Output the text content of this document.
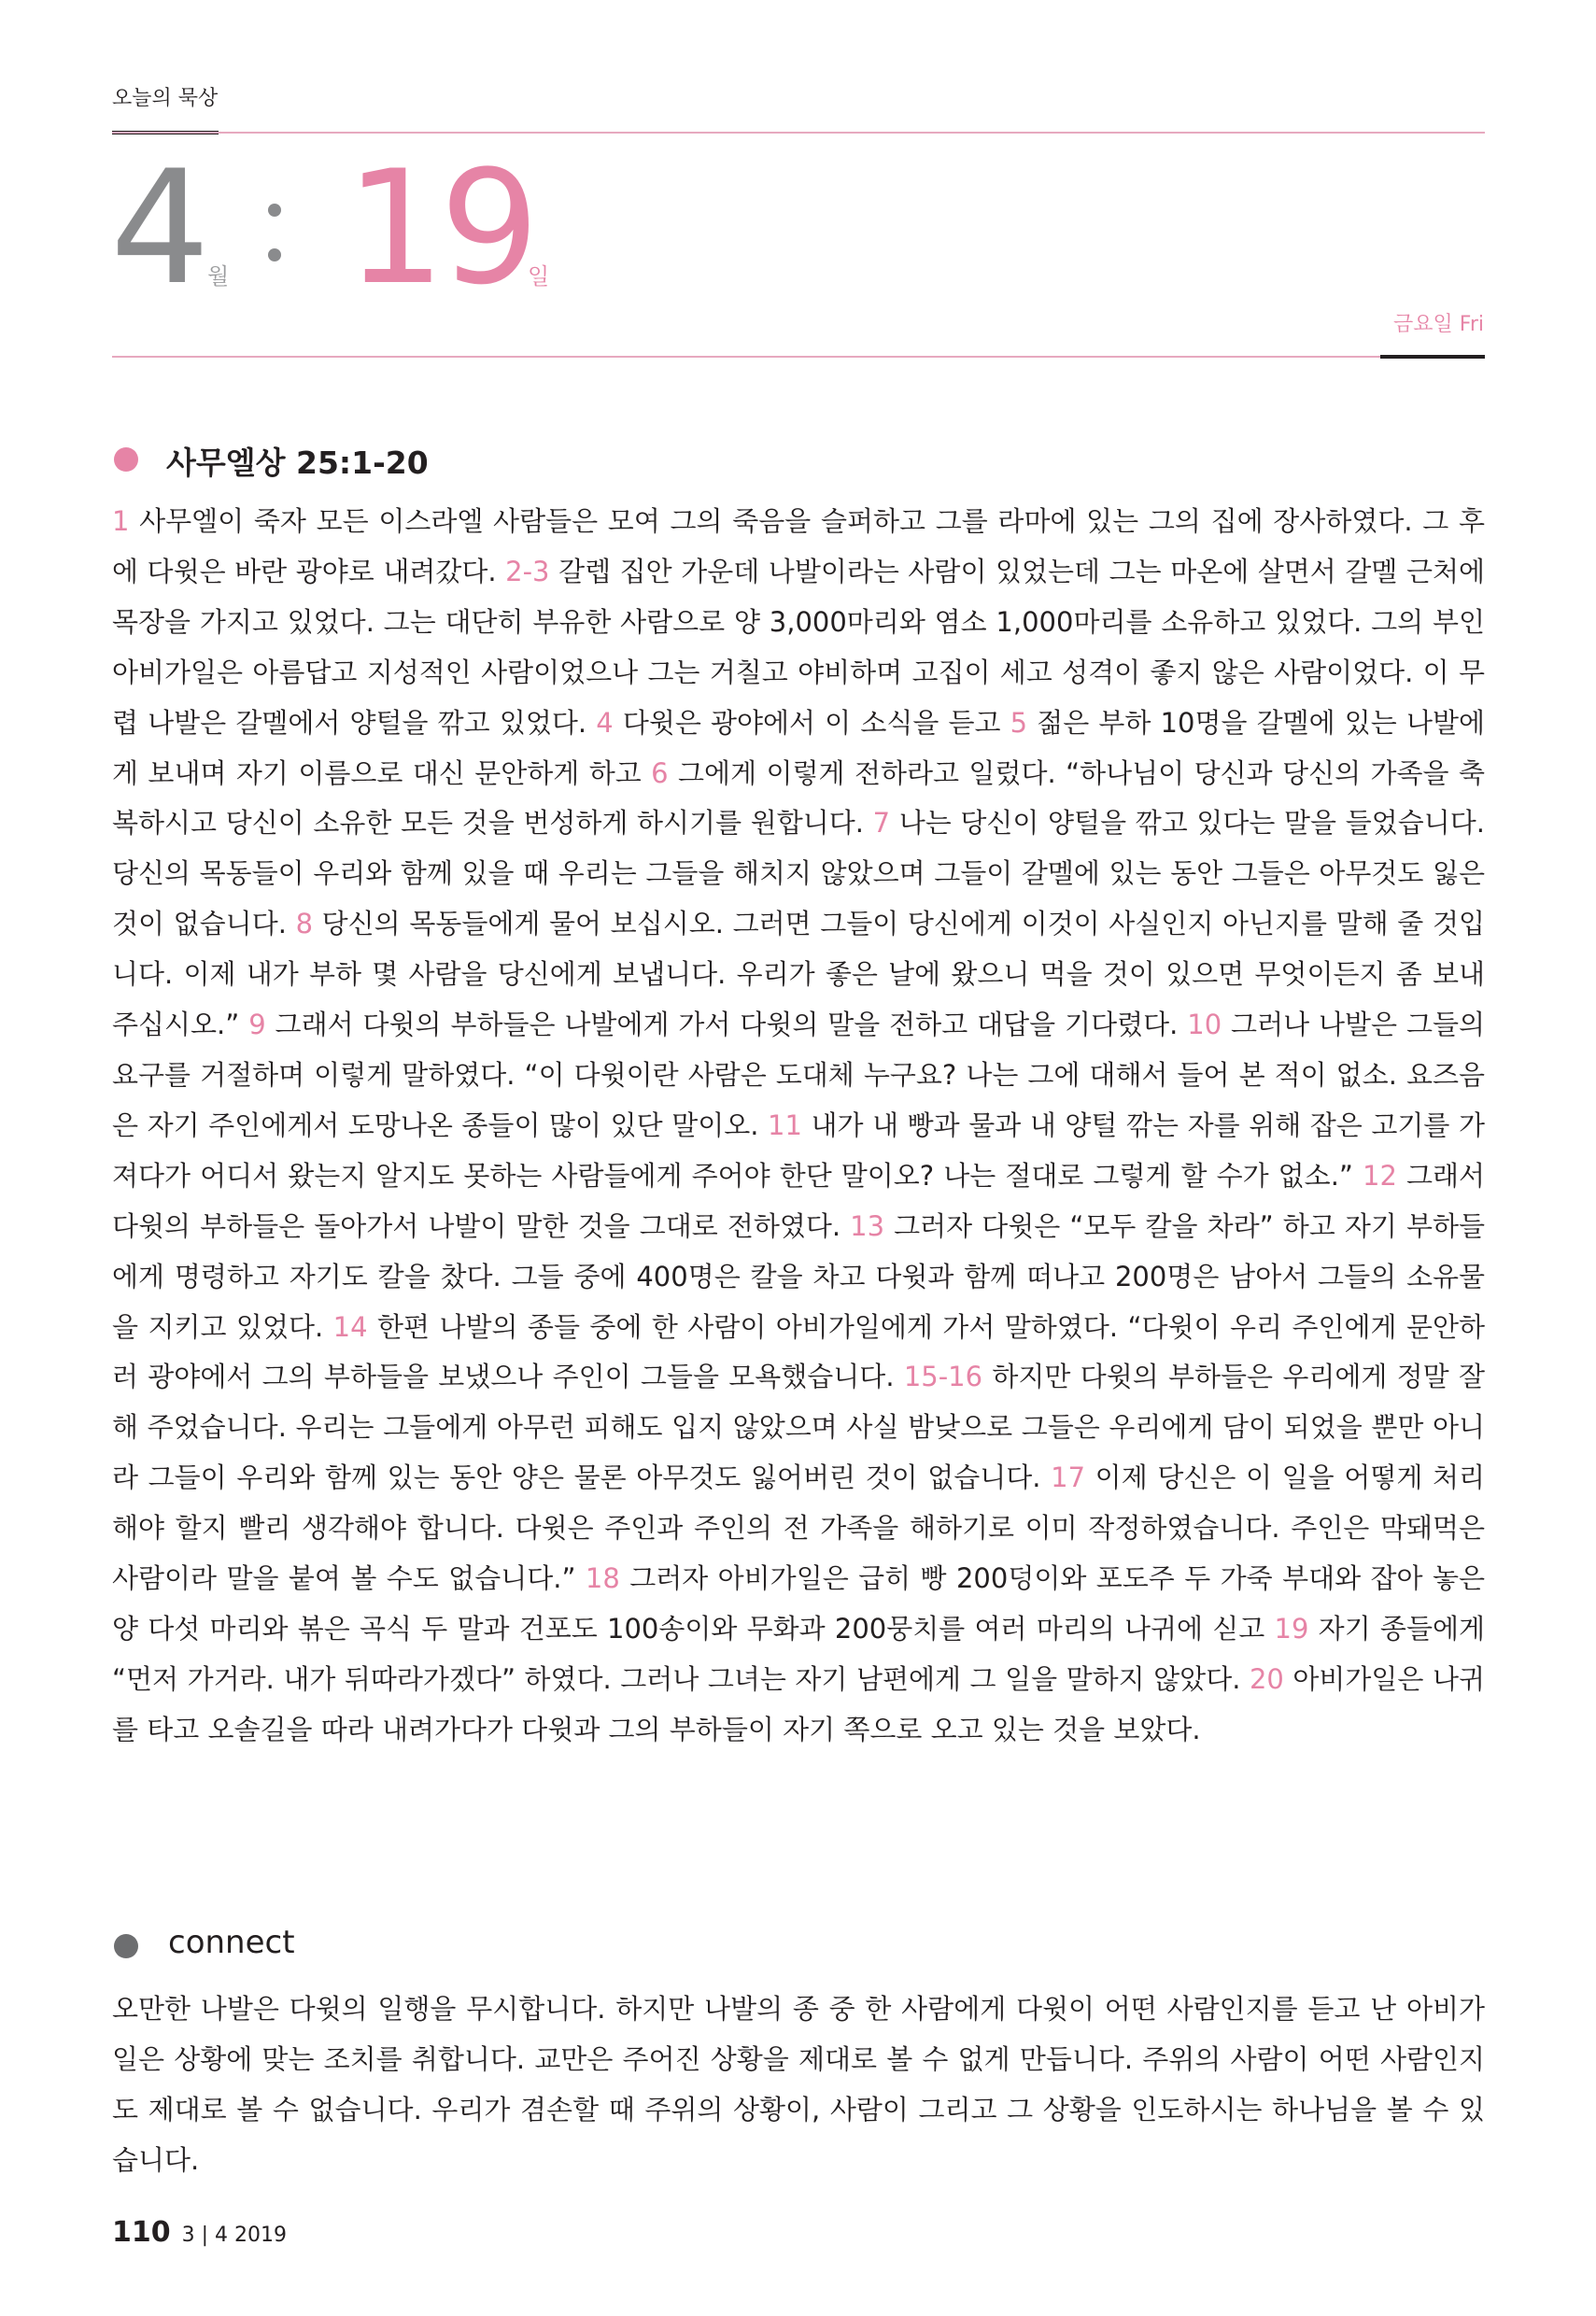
오늘의 묵상
4 월 19
일
금요일 Fri
사무엘상 25:1-20
1 사무엘이 죽자 모든 이스라엘 사람들은 모여 그의 죽음을 슬퍼하고 그를 라마에 있는 그의 집에 장사하였다. 그 후에 다윗은 바란 광야로 내려갔다. 2-3 갈렙 집안 가운데 나발이라는 사람이 있었는데 그는 마온에 살면서 갈멜 근처에 목장을 가지고 있었다. 그는 대단히 부유한 사람으로 양 3,000마리와 염소 1,000마리를 소유하고 있었다. 그의 부인 아비가일은 아름답고 지성적인 사람이었으나 그는 거칠고 야비하며 고집이 세고 성격이 좋지 않은 사람이었다. 이 무렵 나발은 갈멜에서 양털을 깎고 있었다. 4 다윗은 광야에서 이 소식을 듣고 5 젊은 부하 10명을 갈멜에 있는 나발에게 보내며 자기 이름으로 대신 문안하게 하고 6 그에게 이렇게 전하라고 일렀다. “하나님이 당신과 당신의 가족을 축복하시고 당신이 소유한 모든 것을 번성하게 하시기를 원합니다. 7 나는 당신이 양털을 깎고 있다는 말을 들었습니다. 당신의 목동들이 우리와 함께 있을 때 우리는 그들을 해치지 않았으며 그들이 갈멜에 있는 동안 그들은 아무것도 잃은 것이 없습니다. 8 당신의 목동들에게 물어 보십시오. 그러면 그들이 당신에게 이것이 사실인지 아닌지를 말해 줄 것입니다. 이제 내가 부하 몇 사람을 당신에게 보냅니다. 우리가 좋은 날에 왔으니 먹을 것이 있으면 무엇이든지 좀 보내 주십시오.” 9 그래서 다윗의 부하들은 나발에게 가서 다윗의 말을 전하고 대답을 기다렸다. 10 그러나 나발은 그들의 요구를 거절하며 이렇게 말하였다. “이 다윗이란 사람은 도대체 누구요? 나는 그에 대해서 들어 본 적이 없소. 요즈음은 자기 주인에게서 도망나온 종들이 많이 있단 말이오. 11 내가 내 빵과 물과 내 양털 깎는 자를 위해 잡은 고기를 가져다가 어디서 왔는지 알지도 못하는 사람들에게 주어야 한단 말이오? 나는 절대로 그렇게 할 수가 없소.” 12 그래서 다윗의 부하들은 돌아가서 나발이 말한 것을 그대로 전하였다. 13 그러자 다윗은 “모두 칼을 차라” 하고 자기 부하들에게 명령하고 자기도 칼을 찼다. 그들 중에 400명은 칼을 차고 다윗과 함께 떠나고 200명은 남아서 그들의 소유물을 지키고 있었다. 14 한편 나발의 종들 중에 한 사람이 아비가일에게 가서 말하였다. “다윗이 우리 주인에게 문안하러 광야에서 그의 부하들을 보냈으나 주인이 그들을 모욕했습니다. 15-16 하지만 다윗의 부하들은 우리에게 정말 잘해 주었습니다. 우리는 그들에게 아무런 피해도 입지 않았으며 사실 밤낮으로 그들은 우리에게 담이 되었을 뿐만 아니라 그들이 우리와 함께 있는 동안 양은 물론 아무것도 잃어버린 것이 없습니다. 17 이제 당신은 이 일을 어떻게 처리해야 할지 빨리 생각해야 합니다. 다윗은 주인과 주인의 전 가족을 해하기로 이미 작정하였습니다. 주인은 막돼먹은 사람이라 말을 붙여 볼 수도 없습니다.” 18 그러자 아비가일은 급히 빵 200덩이와 포도주 두 가죽 부대와 잡아 놓은 양 다섯 마리와 볶은 곡식 두 말과 건포도 100송이와 무화과 200뭉치를 여러 마리의 나귀에 싣고 19 자기 종들에게 “먼저 가거라. 내가 뒤따라가겠다” 하였다. 그러나 그녀는 자기 남편에게 그 일을 말하지 않았다. 20 아비가일은 나귀를 타고 오솔길을 따라 내려가다가 다윗과 그의 부하들이 자기 쪽으로 오고 있는 것을 보았다.
connect
오만한 나발은 다윗의 일행을 무시합니다. 하지만 나발의 종 중 한 사람에게 다윗이 어떤 사람인지를 듣고 난 아비가일은 상황에 맞는 조치를 취합니다. 교만은 주어진 상황을 제대로 볼 수 없게 만듭니다. 주위의 사람이 어떤 사람인지도 제대로 볼 수 없습니다. 우리가 겸손할 때 주위의 상황이, 사람이 그리고 그 상황을 인도하시는 하나님을 볼 수 있습니다.
110 3 | 4 2019
